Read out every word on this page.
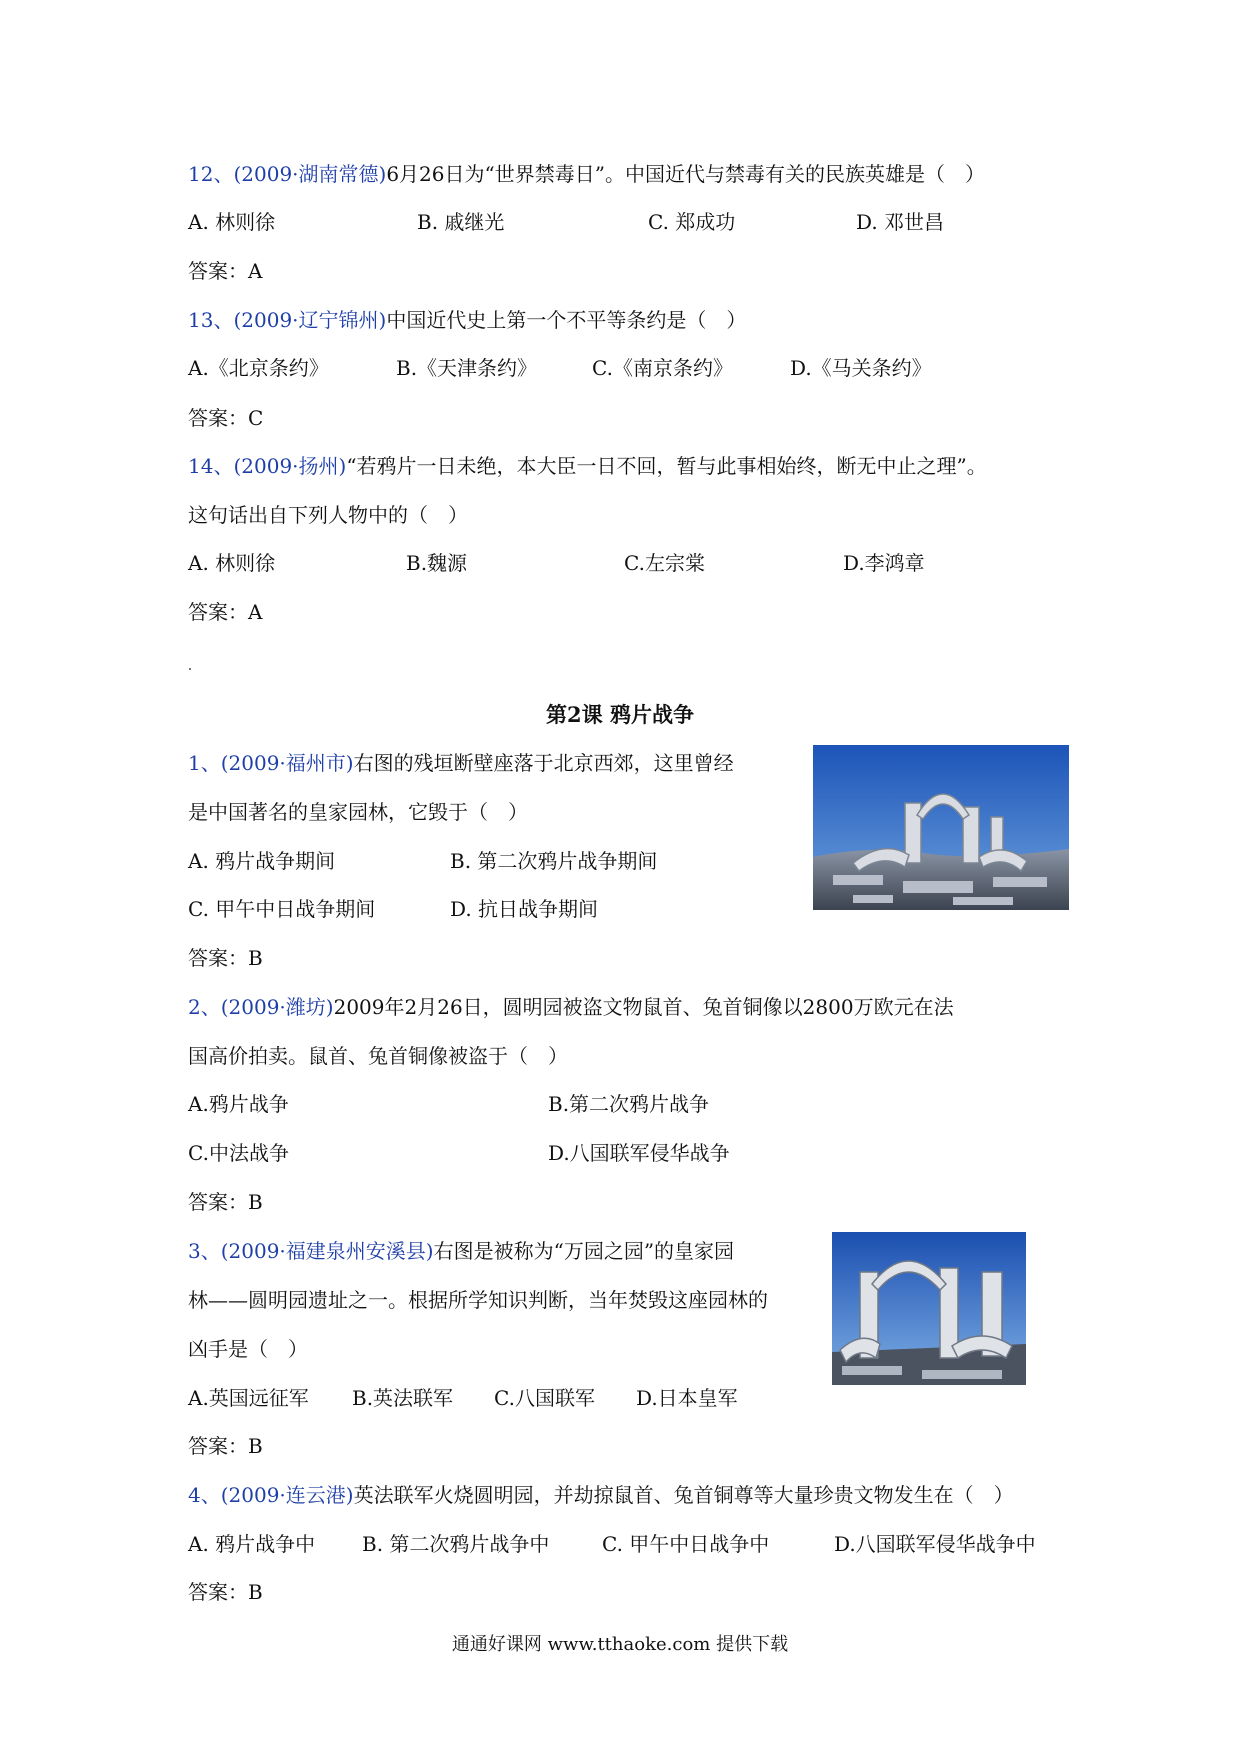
12、(2009·湖南常德)6月26日为“世界禁毒日”。中国近代与禁毒有关的民族英雄是（　）
A. 林则徐	B. 戚继光	C. 郑成功	D. 邓世昌
答案：A
13、(2009·辽宁锦州)中国近代史上第一个不平等条约是（　）
A.《北京条约》	B.《天津条约》	C.《南京条约》	D.《马关条约》
答案：C
14、(2009·扬州)“若鸦片一日未绝，本大臣一日不回，暂与此事相始终，断无中止之理”。
这句话出自下列人物中的（　）
A. 林则徐	B.魏源	C.左宗棠	D.李鸿章
答案：A
第2课 鸦片战争
1、(2009·福州市)右图的残垣断壁座落于北京西郊，这里曾经
是中国著名的皇家园林，它毁于（　）
A. 鸦片战争期间	B. 第二次鸦片战争期间
C. 甲午中日战争期间	D. 抗日战争期间
答案：B
2、(2009·潍坊)2009年2月26日，圆明园被盗文物鼠首、兔首铜像以2800万欧元在法
国高价拍卖。鼠首、兔首铜像被盗于（　）
A.鸦片战争	B.第二次鸦片战争
C.中法战争	D.八国联军侵华战争
答案：B
3、(2009·福建泉州安溪县)右图是被称为“万园之园”的皇家园
林——圆明园遗址之一。根据所学知识判断，当年焚毁这座园林的
凶手是（　）
A.英国远征军 B.英法联军 C.八国联军 D.日本皇军
答案：B
4、(2009·连云港)英法联军火烧圆明园，并劫掠鼠首、兔首铜尊等大量珍贵文物发生在（　）
A. 鸦片战争中 B. 第二次鸦片战争中	C. 甲午中日战争中	D.八国联军侵华战争中
答案：B
通通好课网 www.tthaoke.com 提供下载
